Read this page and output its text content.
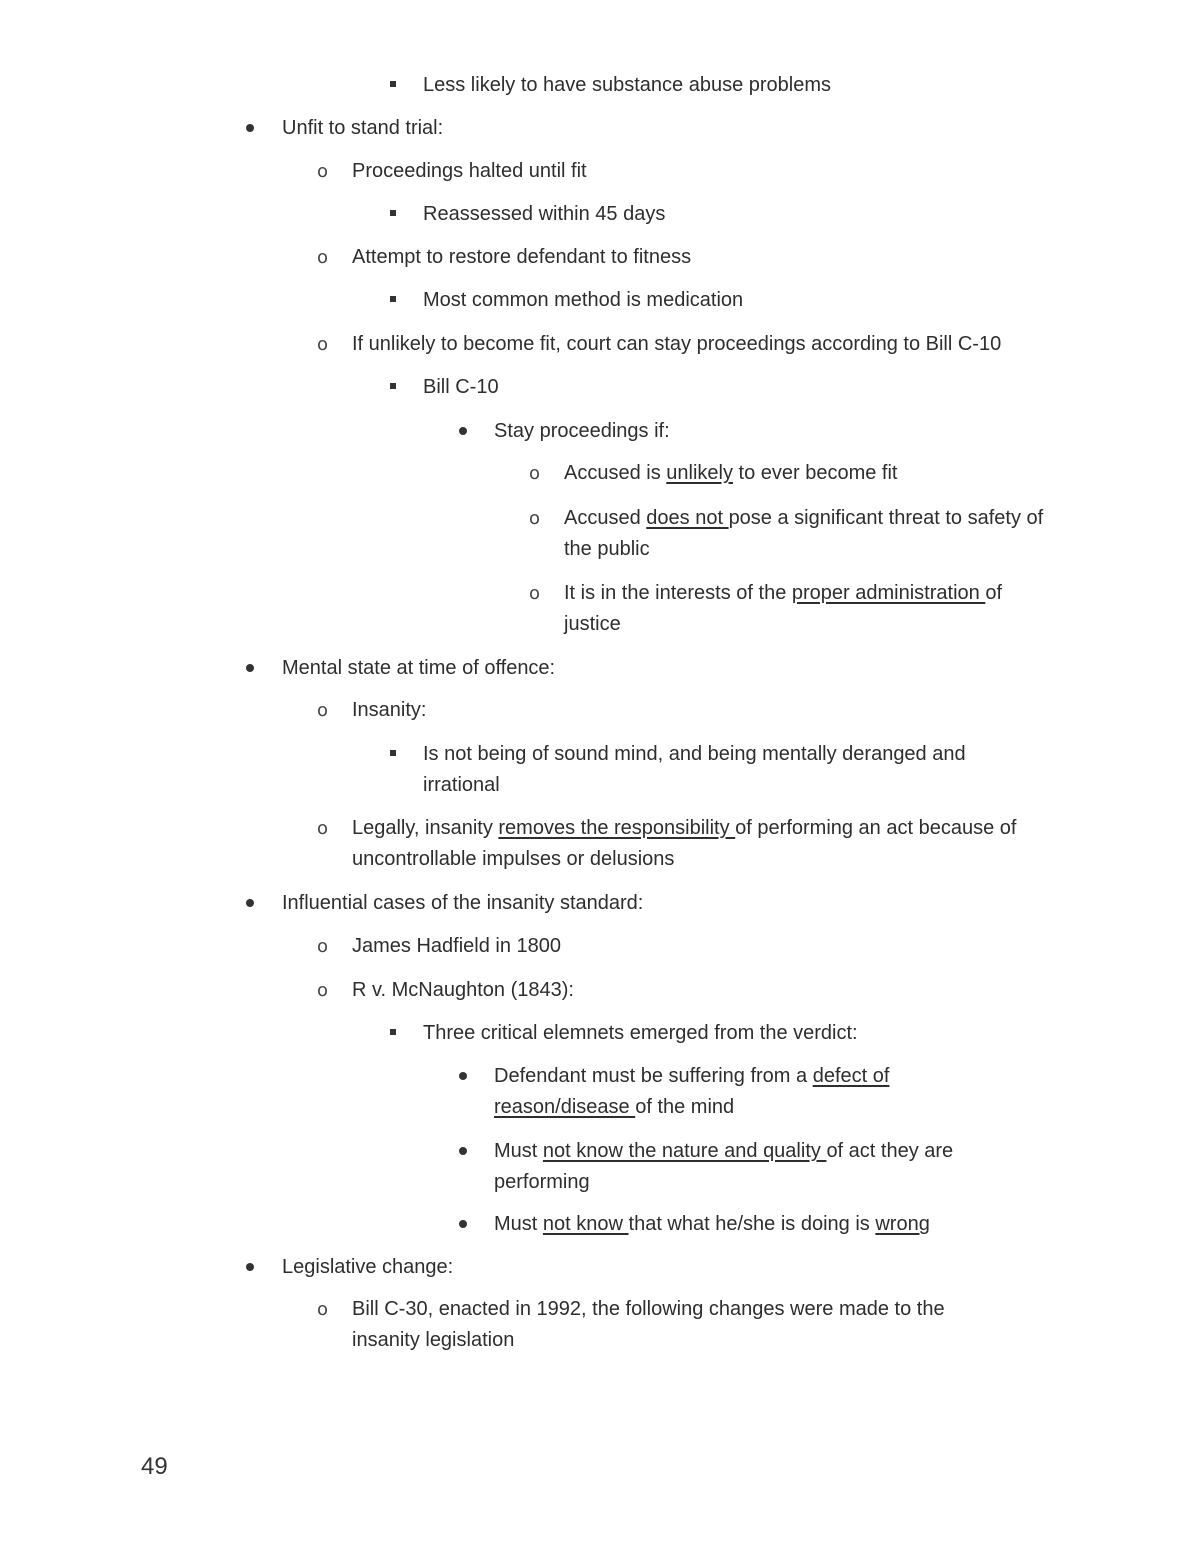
Less likely to have substance abuse problems
Unfit to stand trial:
o Proceedings halted until fit
Reassessed within 45 days
o Attempt to restore defendant to fitness
Most common method is medication
o If unlikely to become fit, court can stay proceedings according to Bill C-10
Bill C-10
Stay proceedings if:
o Accused is unlikely to ever become fit
o Accused does not pose a significant threat to safety of the public
o It is in the interests of the proper administration of justice
Mental state at time of offence:
o Insanity:
Is not being of sound mind, and being mentally deranged and irrational
o Legally, insanity removes the responsibility of performing an act because of uncontrollable impulses or delusions
Influential cases of the insanity standard:
o James Hadfield in 1800
o R v. McNaughton (1843):
Three critical elemnets emerged from the verdict:
Defendant must be suffering from a defect of reason/disease of the mind
Must not know the nature and quality of act they are performing
Must not know that what he/she is doing is wrong
Legislative change:
o Bill C-30, enacted in 1992, the following changes were made to the insanity legislation
49
